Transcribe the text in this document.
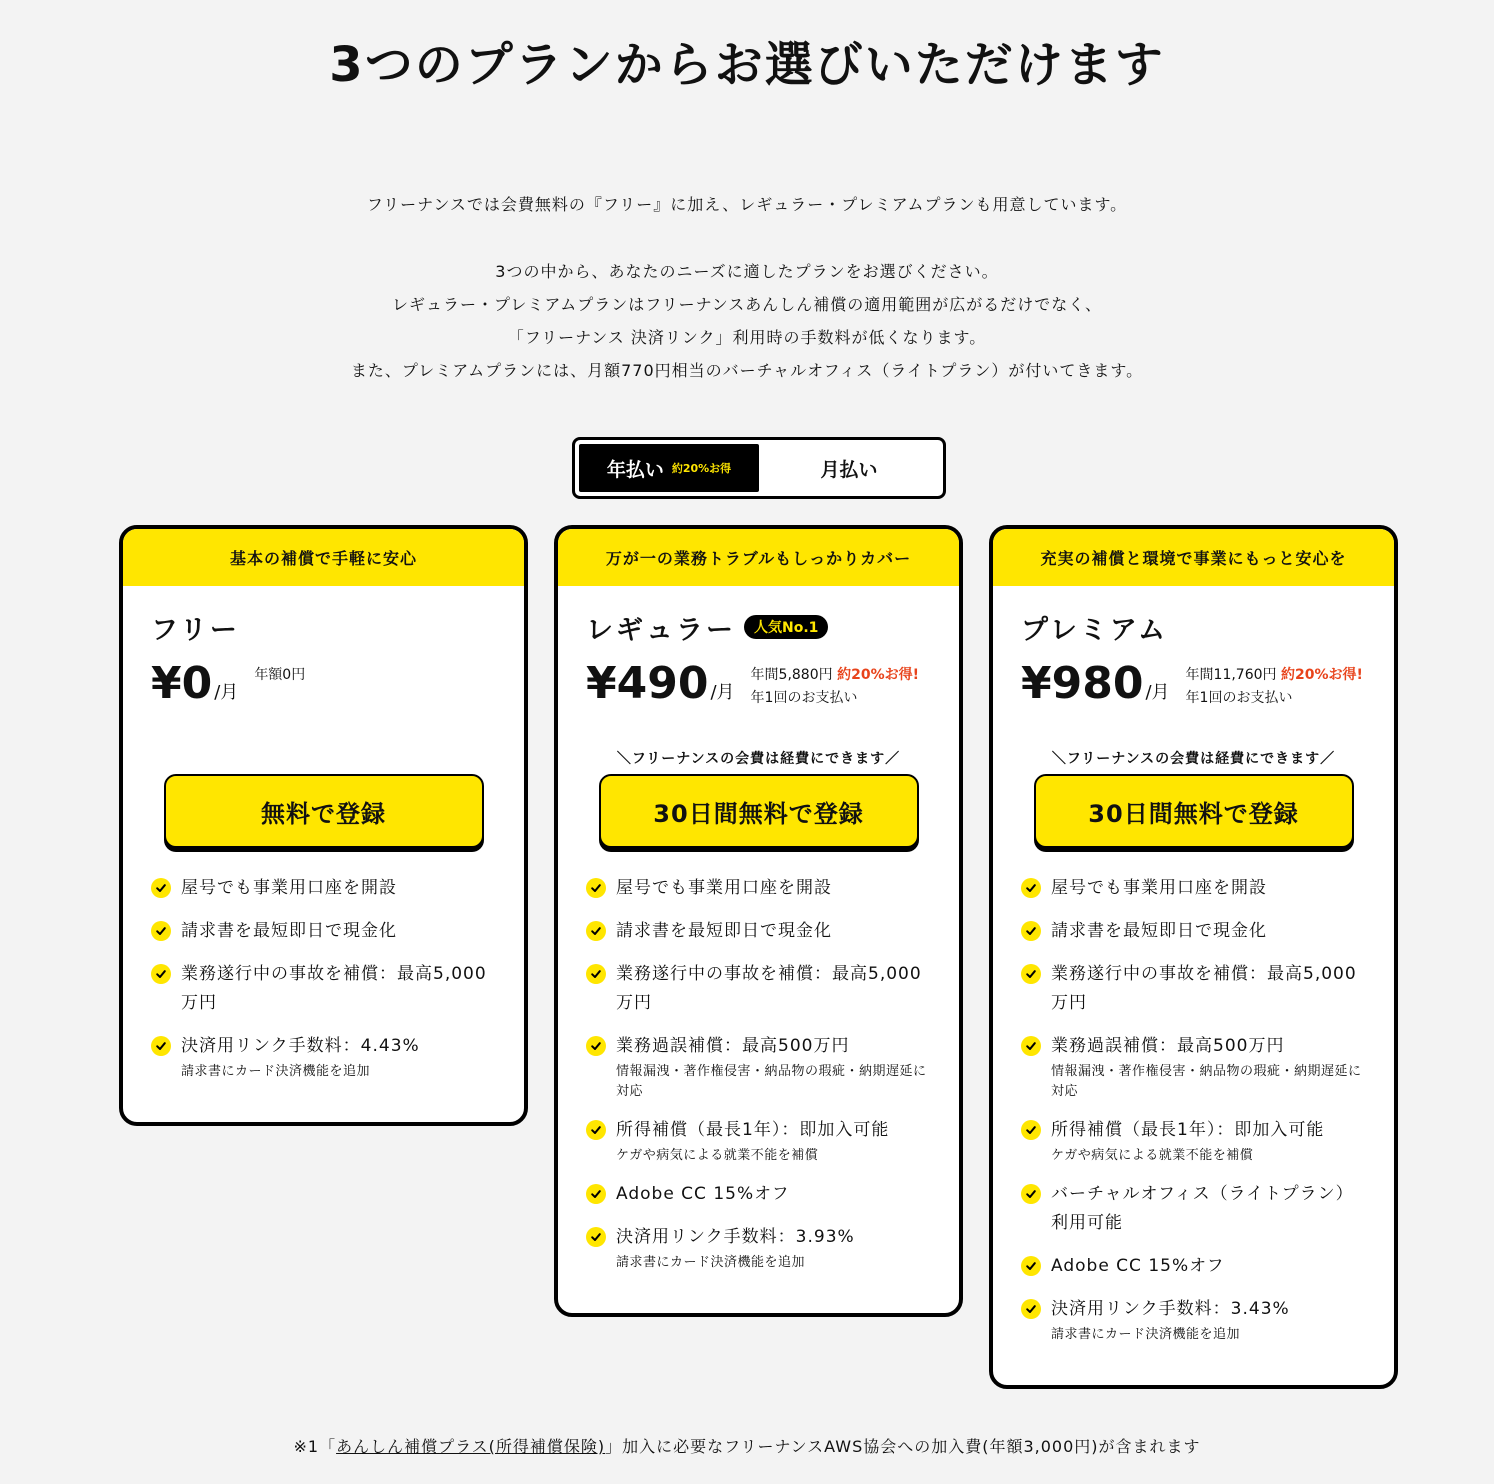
3つのプランからお選びいただけます

フリーナンスでは会費無料の『フリー』に加え、レギュラー・プレミアムプランも用意しています。

3つの中から、あなたのニーズに適したプランをお選びください。

レギュラー・プレミアムプランはフリーナンスあんしん補償の適用範囲が広がるだけでなく、

「フリーナンス 決済リンク」利用時の手数料が低くなります。

また、プレミアムプランには、月額770円相当のバーチャルオフィス（ライトプラン）が付いてきます。

年払い 約20%お得	月払い
基本の補償で手軽に安心
フリー
¥0 /月
年額0円
無料で登録
屋号でも事業用口座を開設
請求書を最短即日で現金化
業務遂行中の事故を補償：最高5,000万円
決済用リンク手数料：4.43%
請求書にカード決済機能を追加
万が一の業務トラブルもしっかりカバー
レギュラー	人気No.1
¥490 /月
年間5,880円 約20%お得!
年1回のお支払い
＼フリーナンスの会費は経費にできます／
30日間無料で登録
屋号でも事業用口座を開設
請求書を最短即日で現金化
業務遂行中の事故を補償：最高5,000万円
業務過誤補償：最高500万円
情報漏洩・著作権侵害・納品物の瑕疵・納期遅延に対応
所得補償（最長1年）：即加入可能
ケガや病気による就業不能を補償
Adobe CC 15%オフ
決済用リンク手数料：3.93%
請求書にカード決済機能を追加
充実の補償と環境で事業にもっと安心を
プレミアム
¥980 /月
年間11,760円 約20%お得!
年1回のお支払い
＼フリーナンスの会費は経費にできます／
30日間無料で登録
屋号でも事業用口座を開設
請求書を最短即日で現金化
業務遂行中の事故を補償：最高5,000万円
業務過誤補償：最高500万円
情報漏洩・著作権侵害・納品物の瑕疵・納期遅延に対応
所得補償（最長1年）：即加入可能
ケガや病気による就業不能を補償
バーチャルオフィス（ライトプラン）利用可能
Adobe CC 15%オフ
決済用リンク手数料：3.43%
請求書にカード決済機能を追加
※1「あんしん補償プラス(所得補償保険)」加入に必要なフリーナンスAWS協会への加入費(年額3,000円)が含まれます
